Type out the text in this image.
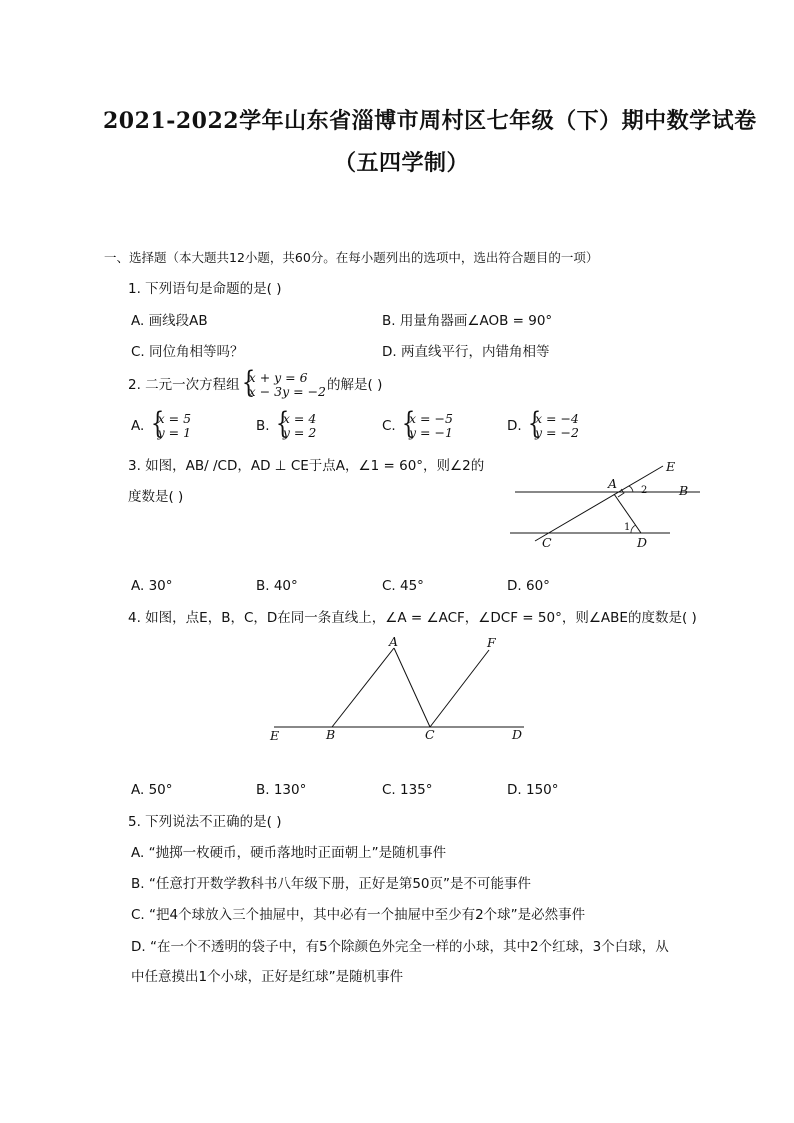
2021-2022学年山东省淄博市周村区七年级（下）期中数学试卷
（五四学制）
一、选择题（本大题共12小题，共60分。在每小题列出的选项中，选出符合题目的一项）
1. 下列语句是命题的是( )
A. 画线段AB	B. 用量角器画∠AOB = 90°
C. 同位角相等吗？	D. 两直线平行，内错角相等
2. 二元一次方程组 { x + y = 6
x − 3y = −2 的解是( )
A. { x = 5
y = 1	B. { x = 4
y = 2	C. { x = −5
y = −1	D. { x = −4
y = −2
3. 如图，AB/ /CD，AD ⊥ CE于点A，∠1 = 60°，则∠2的
度数是( )
E
A 2	B
1
C	D
A. 30°	B. 40°	C. 45°	D. 60°
4. 如图，点E，B，C，D在同一条直线上，∠A = ∠ACF，∠DCF = 50°，则∠ABE的度数是( )
A	F
E	B	C	D
A. 50°	B. 130°	C. 135°	D. 150°
5. 下列说法不正确的是( )
A. “抛掷一枚硬币，硬币落地时正面朝上”是随机事件
B. “任意打开数学教科书八年级下册，正好是第50页”是不可能事件
C. “把4个球放入三个抽屉中，其中必有一个抽屉中至少有2个球”是必然事件
D. “在一个不透明的袋子中，有5个除颜色外完全一样的小球，其中2个红球，3个白球，从
中任意摸出1个小球，正好是红球”是随机事件
